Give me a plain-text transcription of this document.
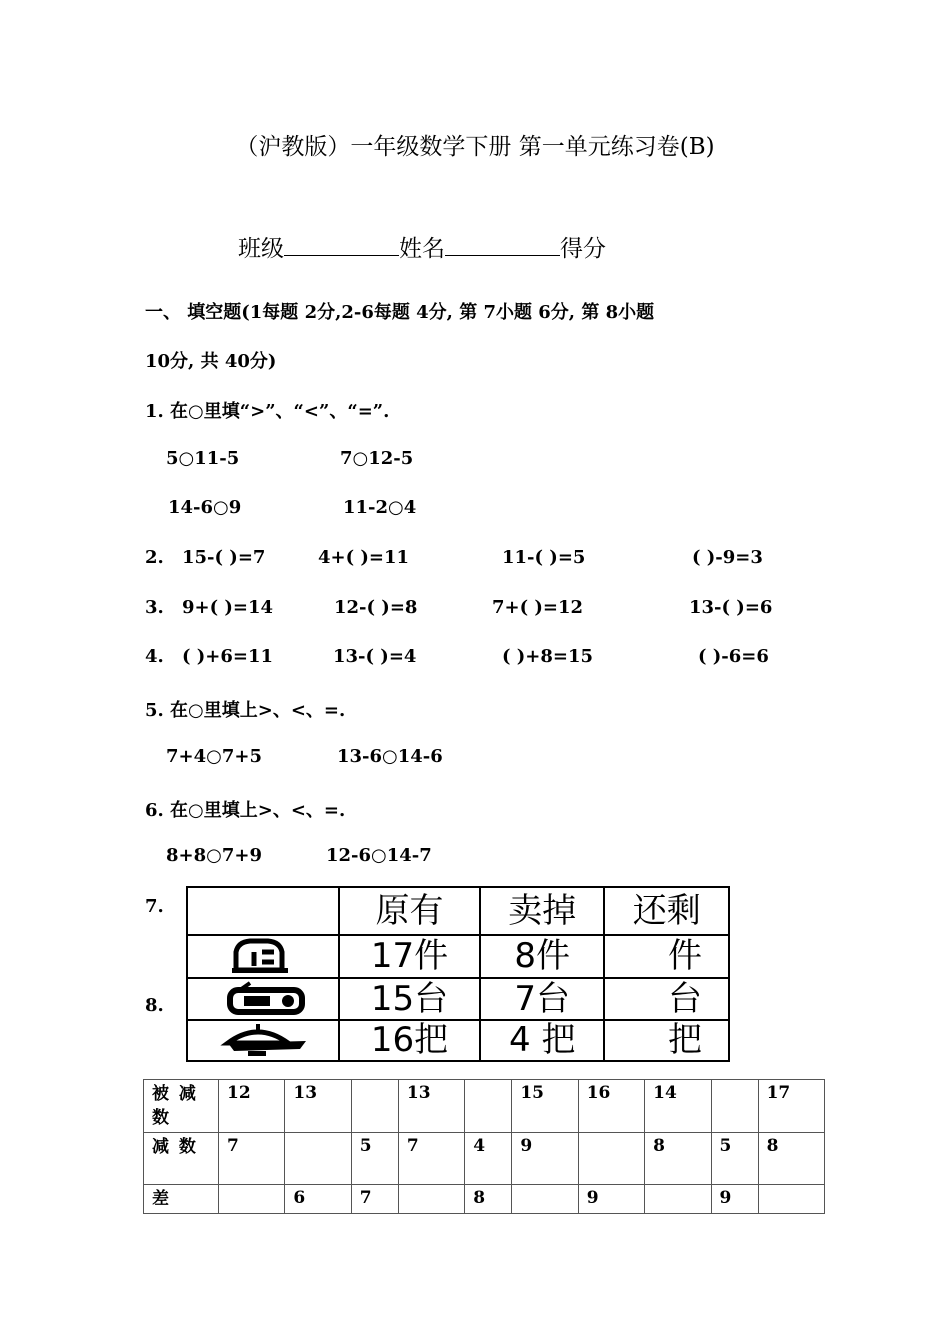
（沪教版）一年级数学下册 第一单元练习卷(B)
班级	姓名	得分
一、 填空题(1每题 2分,2-6每题 4分, 第 7小题 6分, 第 8小题
10分, 共 40分)
1. 在○里填“>”、“<”、“=”.
5○11-5	7○12-5
14-6○9	11-2○4
2. 15-( )=7	4+( )=11	11-( )=5	( )-9=3
3. 9+( )=14	12-( )=8	7+( )=12	13-( )=6
4. ( )+6=11	13-( )=4	( )+8=15	( )-6=6
5. 在○里填上>、<、=.
7+4○7+5	13-6○14-6
6. 在○里填上>、<、=.
8+8○7+9	12-6○14-7
7.
8.
	原有	卖掉	还剩

	17件	8件	件

	15台	7台	台

	16把	4 把	把
被 减 数	12	13		13		15	16	14		17
减 数	7		5	7	4	9		8	5	8
差		6	7		8		9		9	
